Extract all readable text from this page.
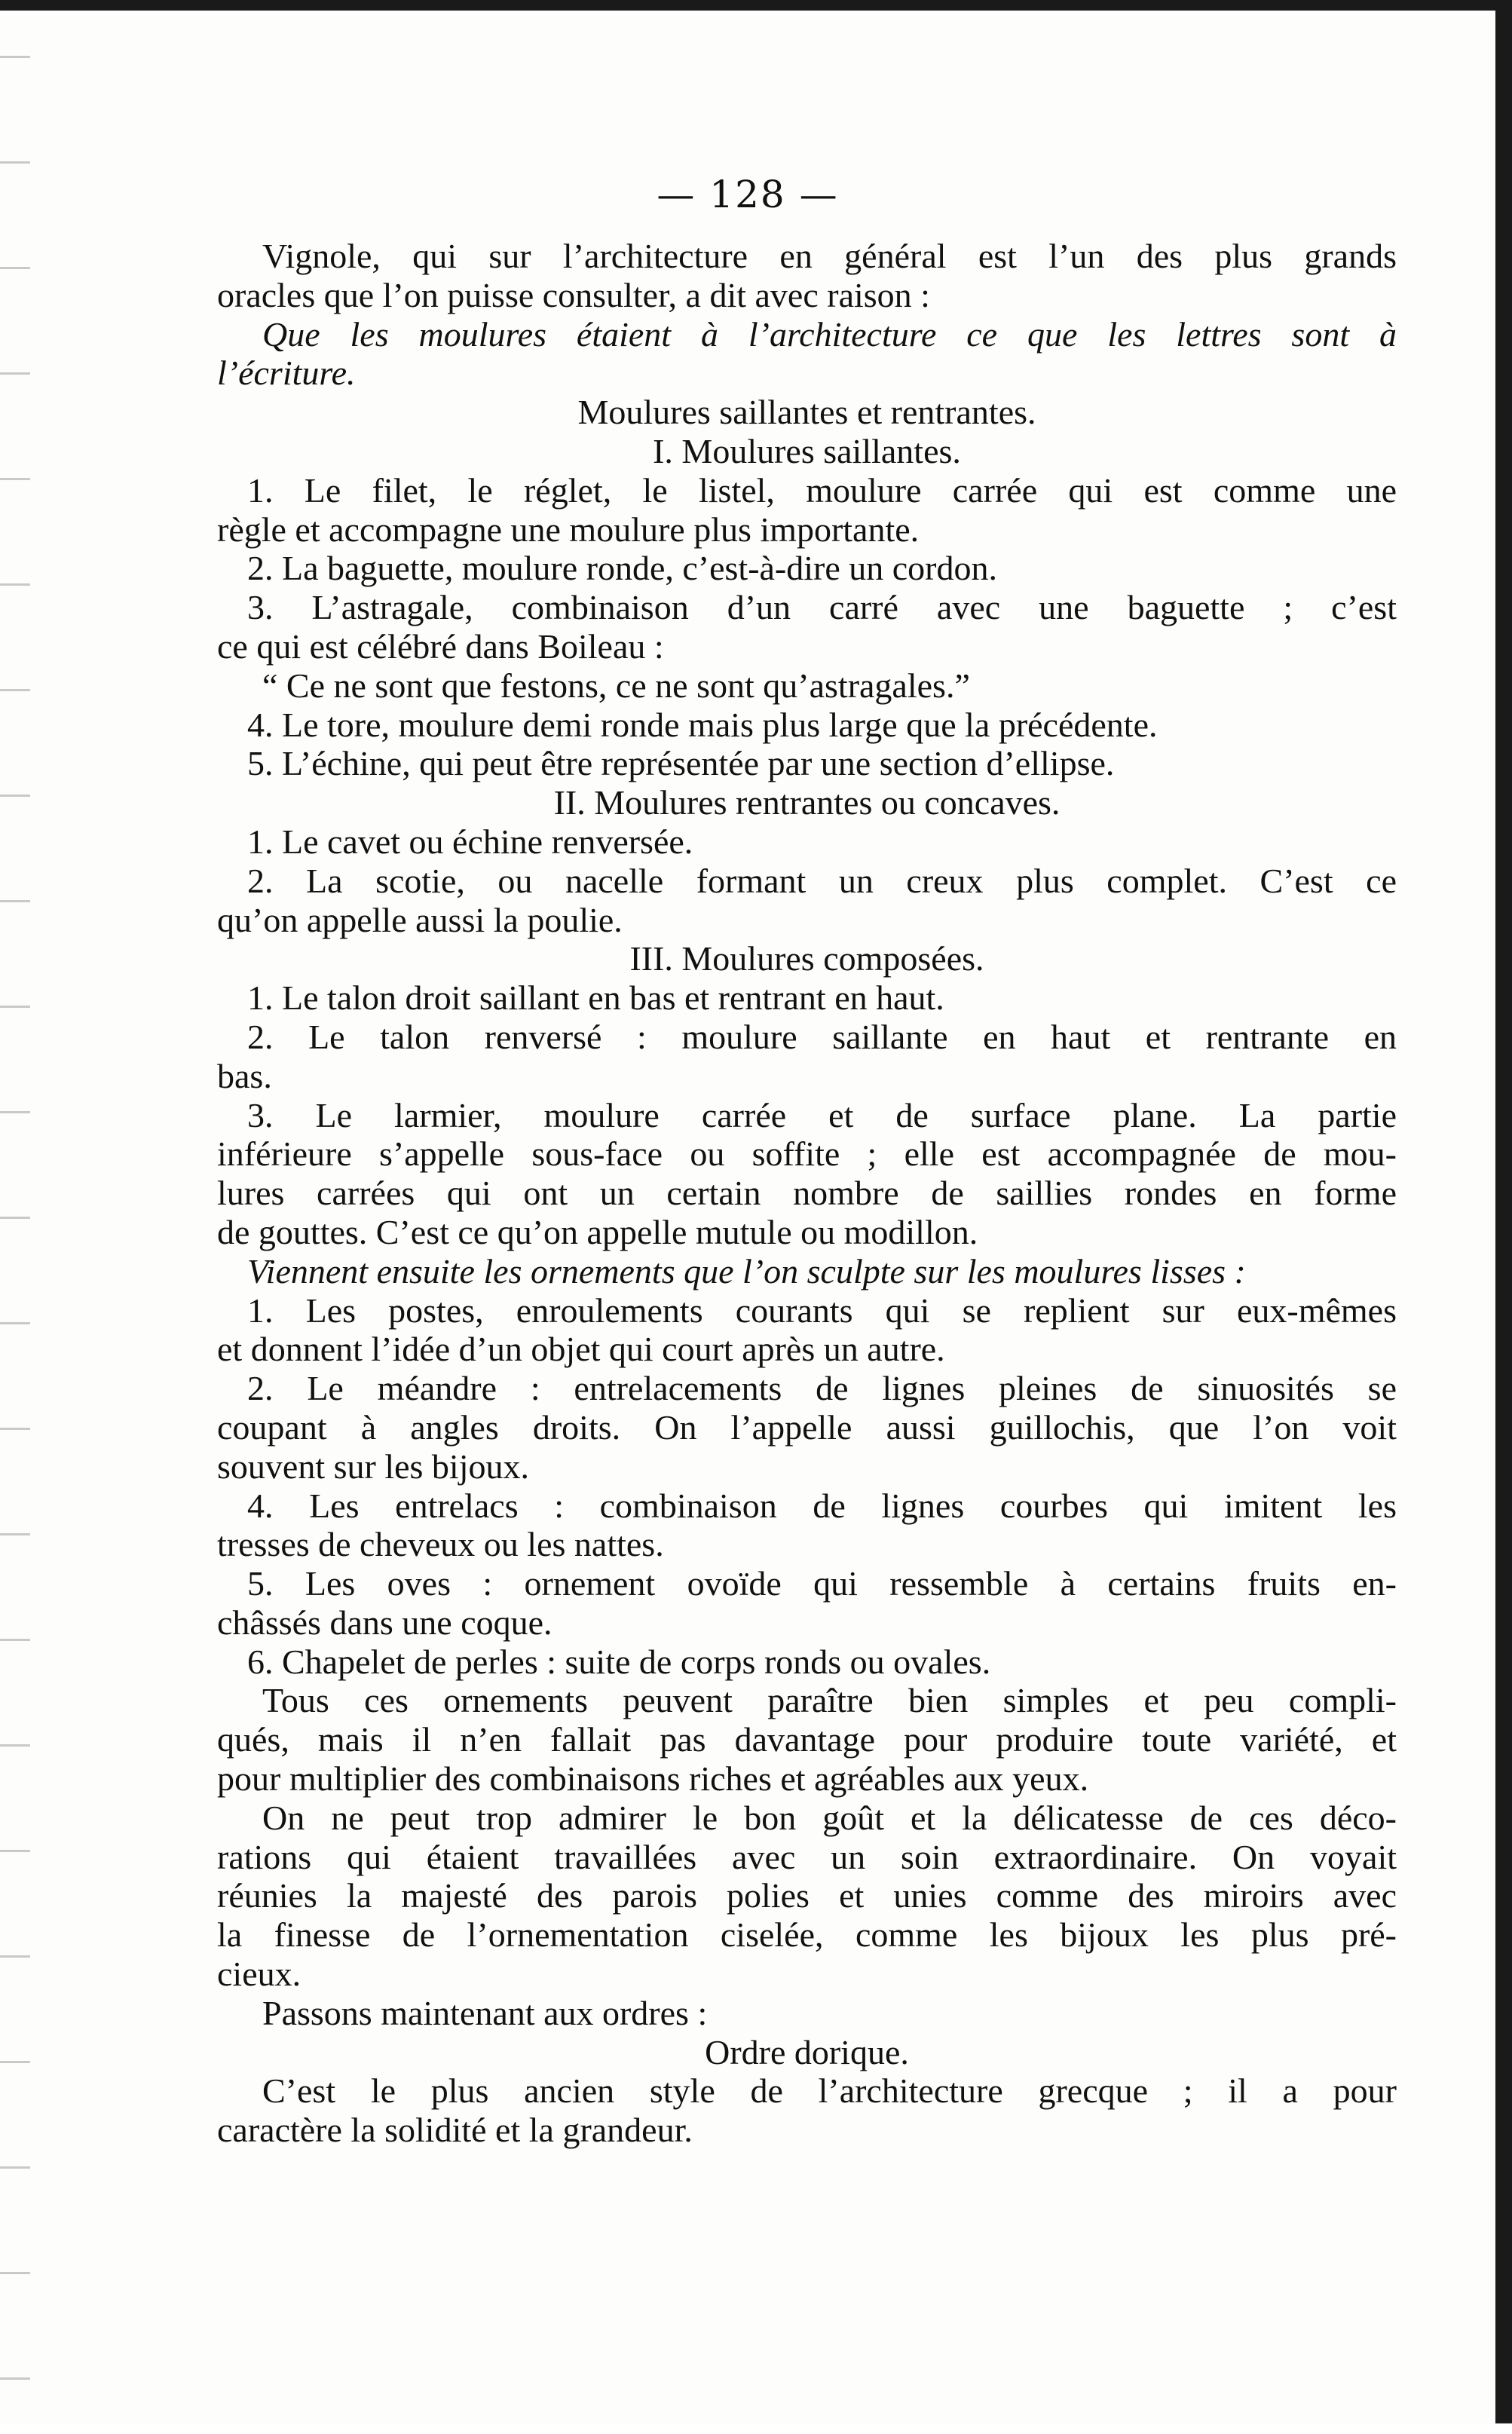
— 128 —
Vignole, qui sur l’architecture en général est l’un des plus grands
oracles que l’on puisse consulter, a dit avec raison :
Que les moulures étaient à l’architecture ce que les lettres sont à
l’écriture.
Moulures saillantes et rentrantes.
I. Moulures saillantes.
1. Le filet, le réglet, le listel, moulure carrée qui est comme une
règle et accompagne une moulure plus importante.
2. La baguette, moulure ronde, c’est-à-dire un cordon.
3. L’astragale, combinaison d’un carré avec une baguette ; c’est
ce qui est célébré dans Boileau :
“ Ce ne sont que festons, ce ne sont qu’astragales.”
4. Le tore, moulure demi ronde mais plus large que la précédente.
5. L’échine, qui peut être représentée par une section d’ellipse.
II. Moulures rentrantes ou concaves.
1. Le cavet ou échine renversée.
2. La scotie, ou nacelle formant un creux plus complet. C’est ce
qu’on appelle aussi la poulie.
III. Moulures composées.
1. Le talon droit saillant en bas et rentrant en haut.
2. Le talon renversé : moulure saillante en haut et rentrante en
bas.
3. Le larmier, moulure carrée et de surface plane. La partie
inférieure s’appelle sous-face ou soffite ; elle est accompagnée de mou-
lures carrées qui ont un certain nombre de saillies rondes en forme
de gouttes. C’est ce qu’on appelle mutule ou modillon.
Viennent ensuite les ornements que l’on sculpte sur les moulures lisses :
1. Les postes, enroulements courants qui se replient sur eux-mêmes
et donnent l’idée d’un objet qui court après un autre.
2. Le méandre : entrelacements de lignes pleines de sinuosités se
coupant à angles droits. On l’appelle aussi guillochis, que l’on voit
souvent sur les bijoux.
4. Les entrelacs : combinaison de lignes courbes qui imitent les
tresses de cheveux ou les nattes.
5. Les oves : ornement ovoïde qui ressemble à certains fruits en-
châssés dans une coque.
6. Chapelet de perles : suite de corps ronds ou ovales.
Tous ces ornements peuvent paraître bien simples et peu compli-
qués, mais il n’en fallait pas davantage pour produire toute variété, et
pour multiplier des combinaisons riches et agréables aux yeux.
On ne peut trop admirer le bon goût et la délicatesse de ces déco-
rations qui étaient travaillées avec un soin extraordinaire. On voyait
réunies la majesté des parois polies et unies comme des miroirs avec
la finesse de l’ornementation ciselée, comme les bijoux les plus pré-
cieux.
Passons maintenant aux ordres :
Ordre dorique.
C’est le plus ancien style de l’architecture grecque ; il a pour
caractère la solidité et la grandeur.
